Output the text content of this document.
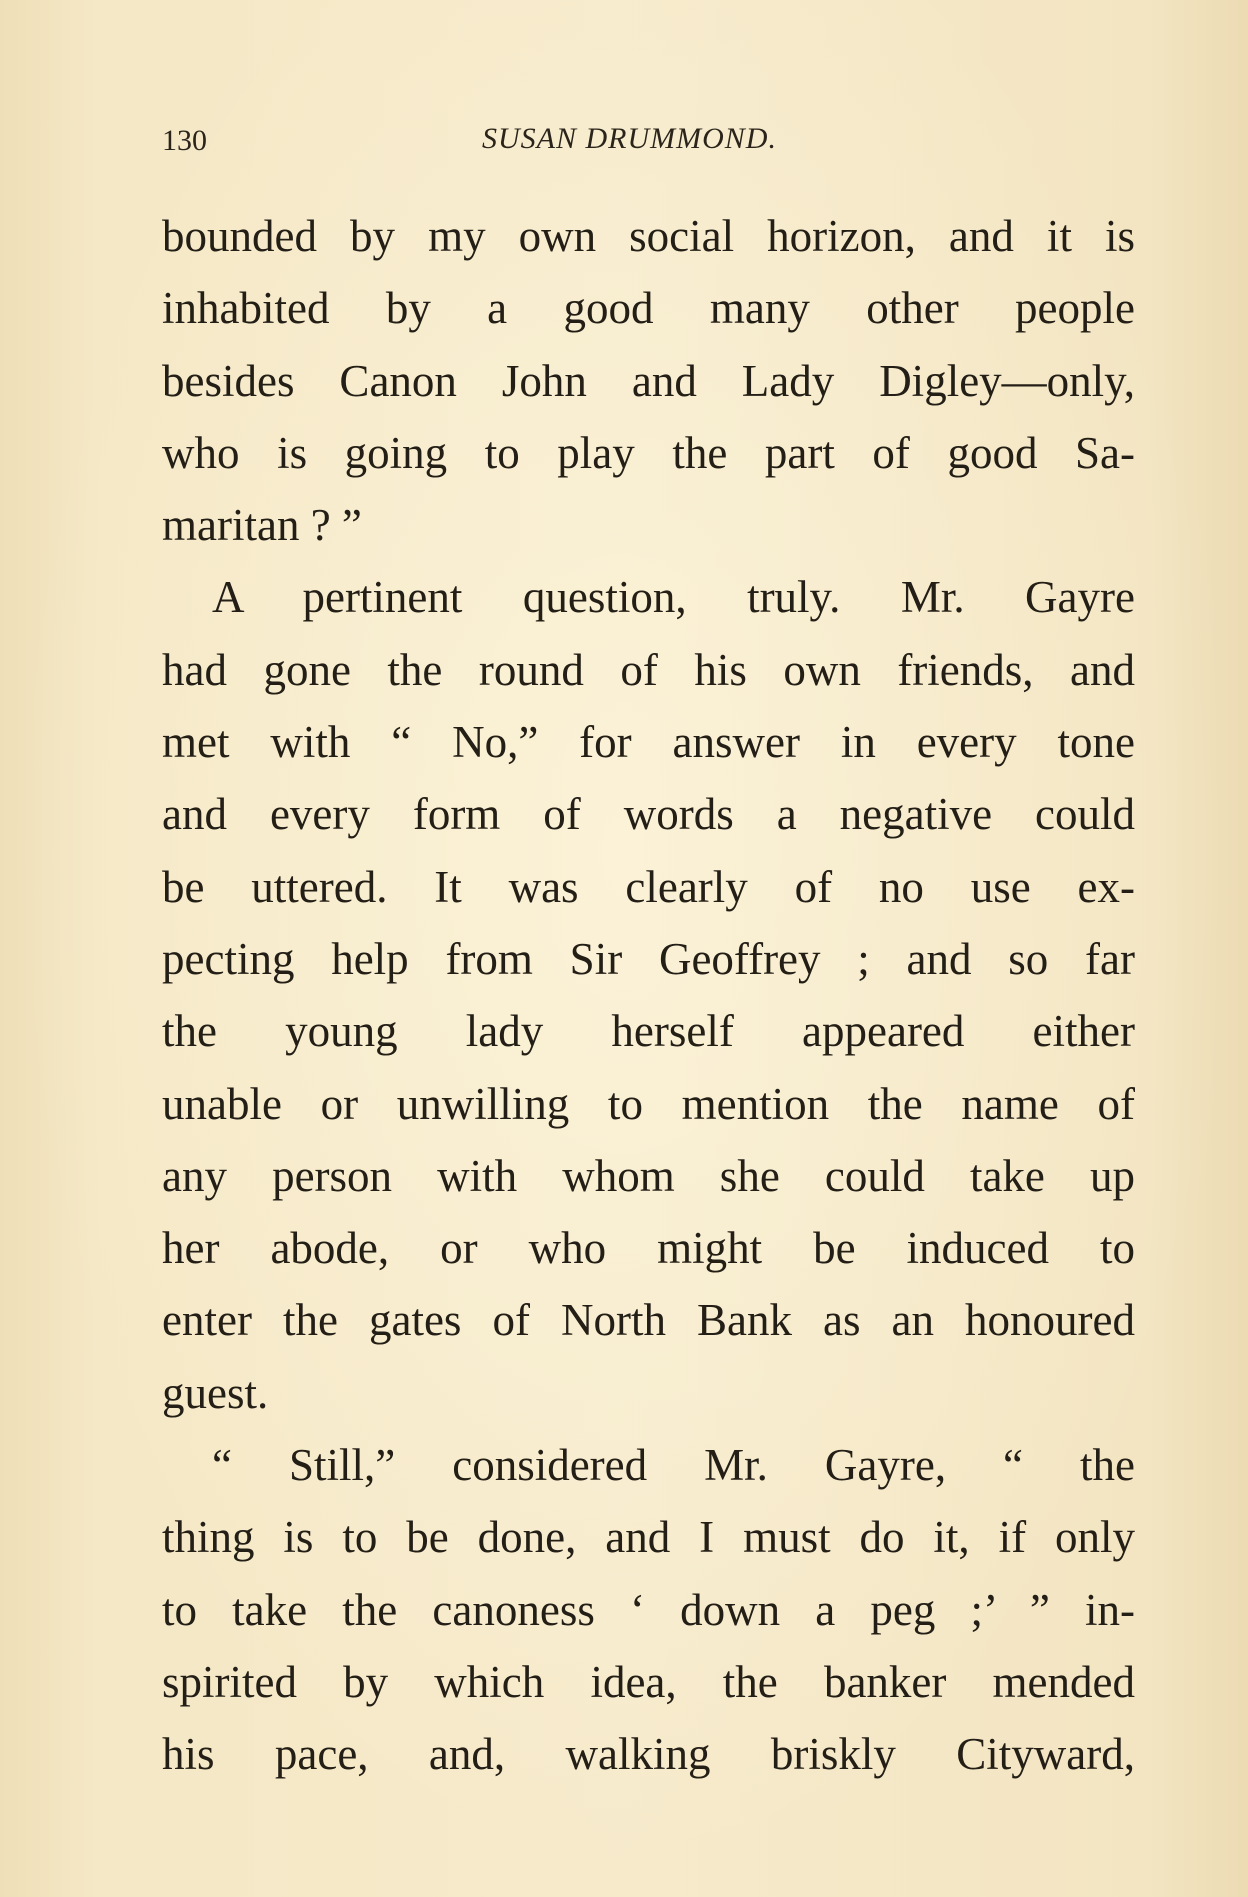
130	SUSAN DRUMMOND.
bounded by my own social horizon, and it is
inhabited by a good many other people
besides Canon John and Lady Digley—only,
who is going to play the part of good Sa-
maritan ? ”
A pertinent question, truly. Mr. Gayre
had gone the round of his own friends, and
met with “ No,” for answer in every tone
and every form of words a negative could
be uttered. It was clearly of no use ex-
pecting help from Sir Geoffrey ; and so far
the young lady herself appeared either
unable or unwilling to mention the name of
any person with whom she could take up
her abode, or who might be induced to
enter the gates of North Bank as an honoured
guest.
“ Still,” considered Mr. Gayre, “ the
thing is to be done, and I must do it, if only
to take the canoness ‘ down a peg ;’ ” in-
spirited by which idea, the banker mended
his pace, and, walking briskly Cityward,
